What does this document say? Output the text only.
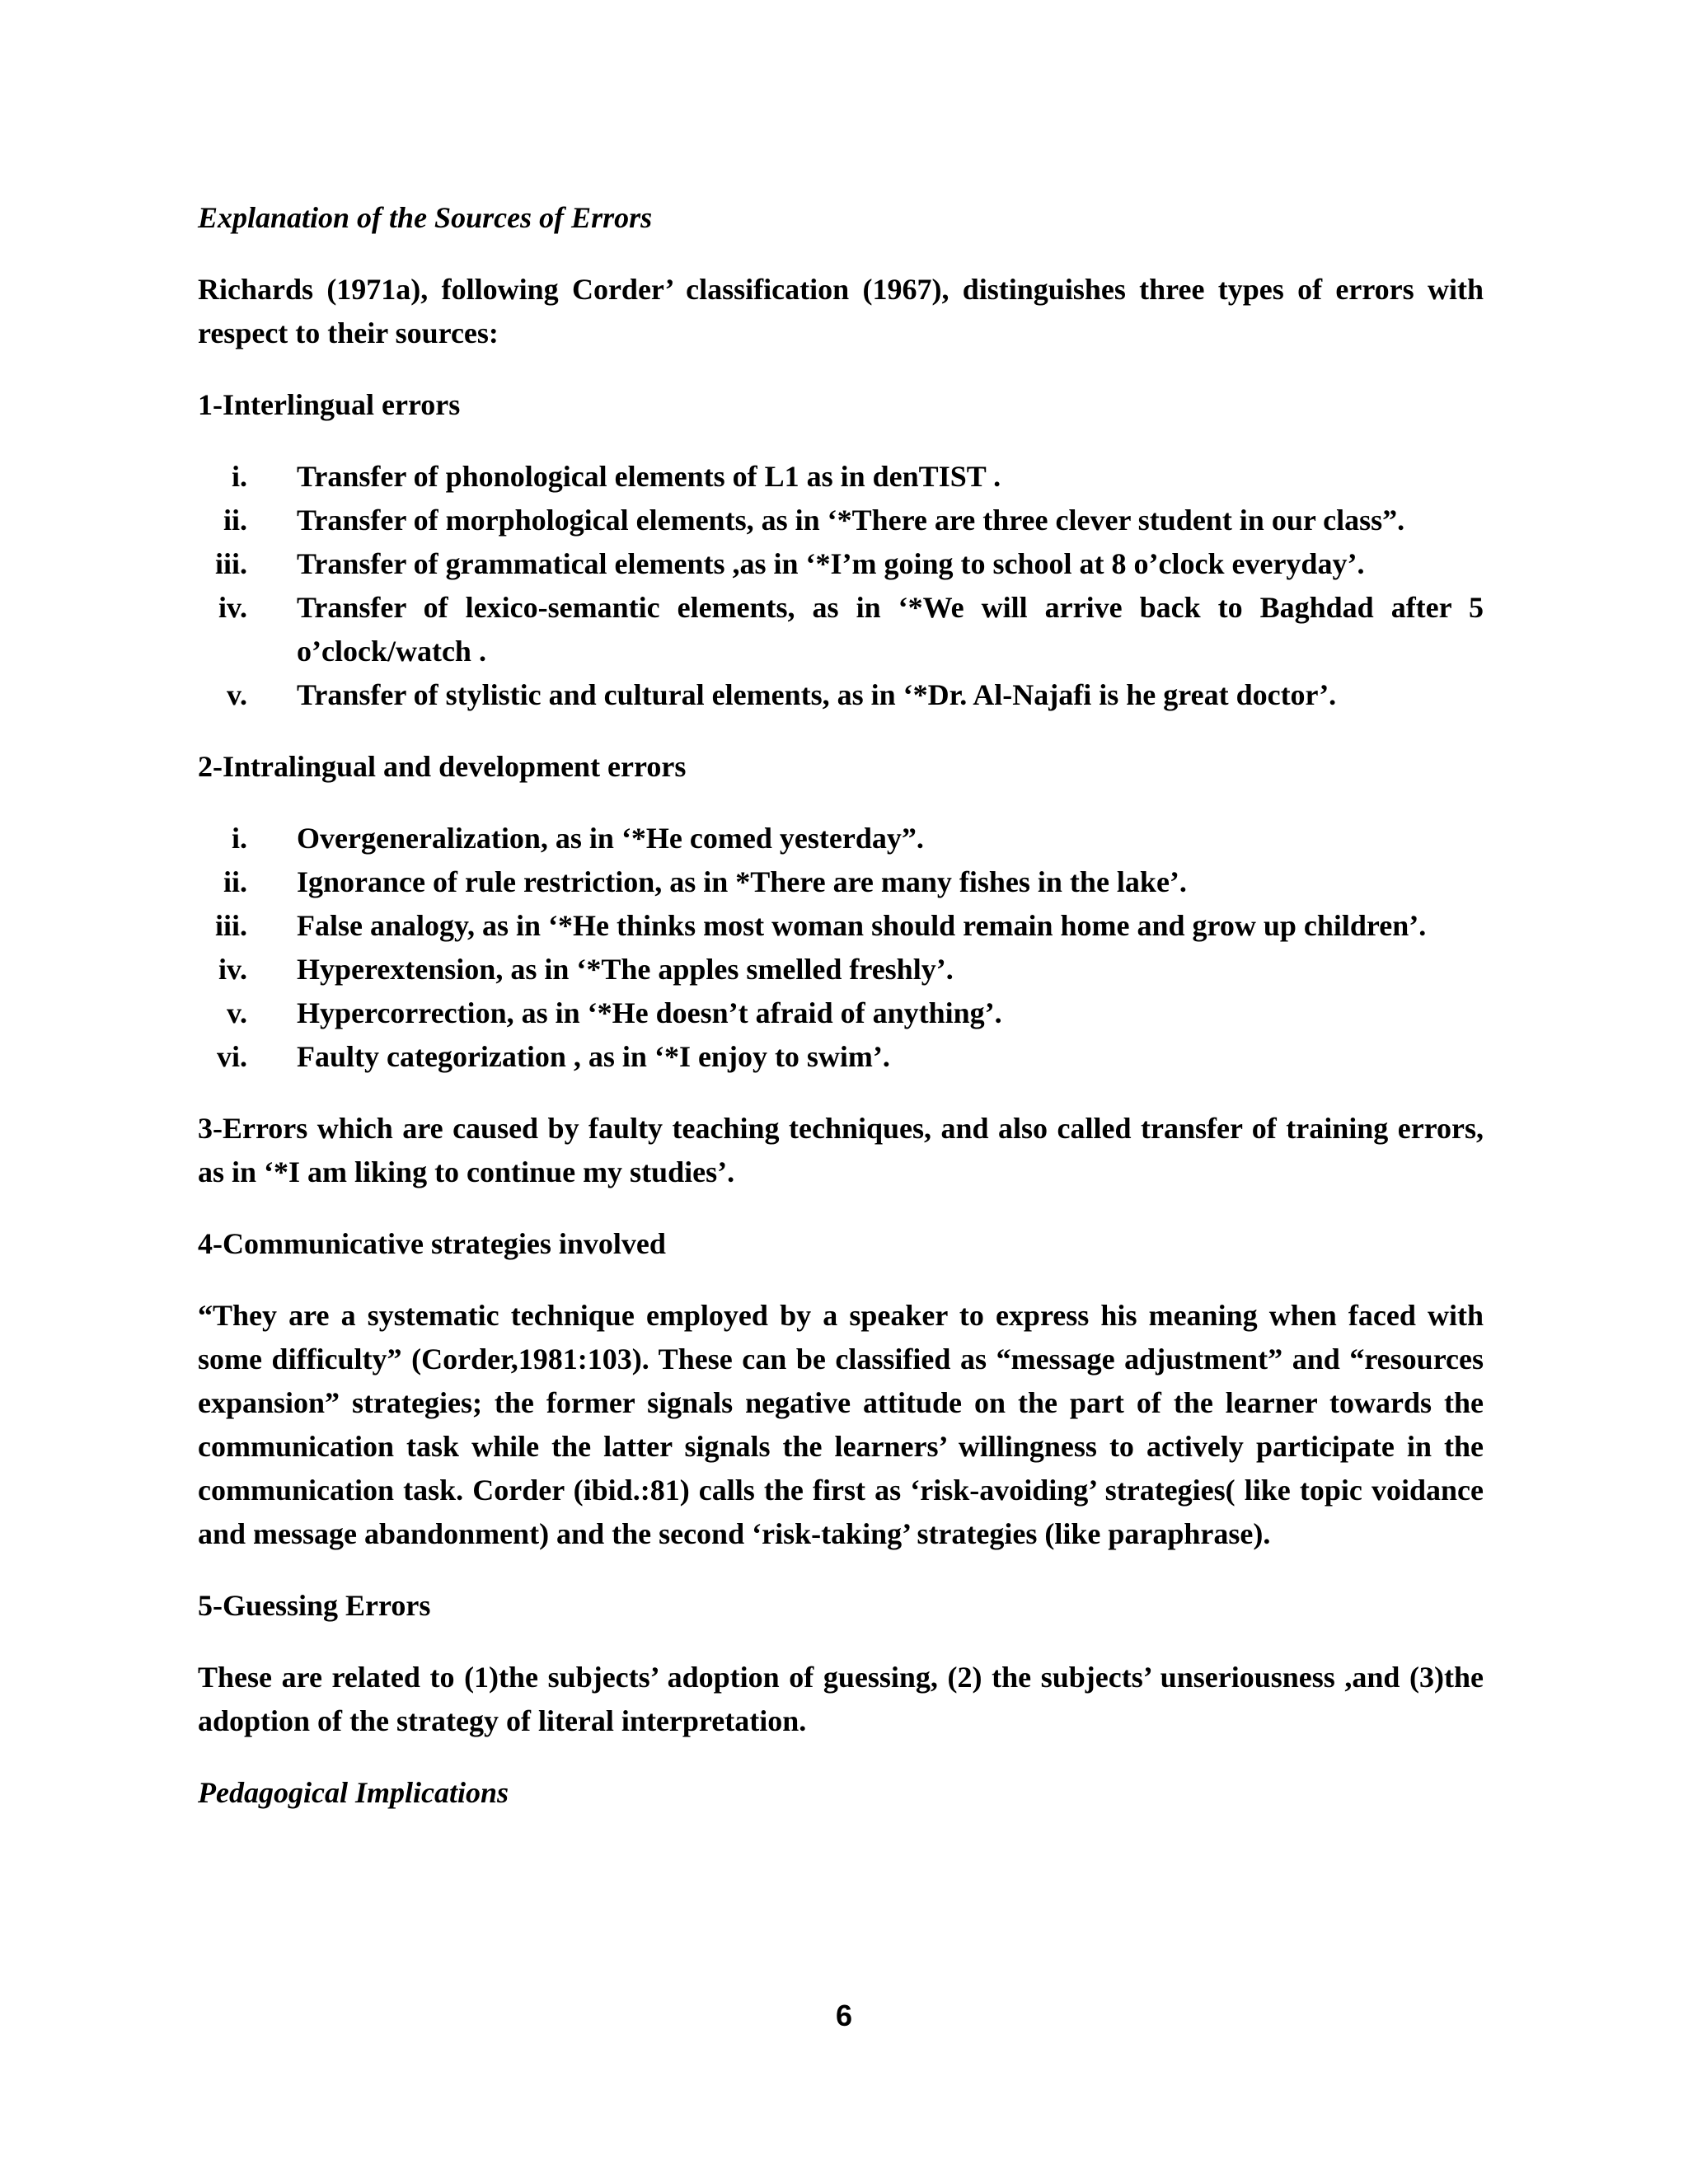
Explanation of the Sources of Errors

Richards (1971a), following Corder’ classification (1967), distinguishes three types of errors with respect to their sources:

1-Interlingual errors

i. Transfer of phonological elements of L1 as in denTIST .
ii. Transfer of morphological elements, as in ‘*There are three clever student in our class”.
iii. Transfer of grammatical elements ,as in ‘*I’m going to school at 8 o’clock everyday’.
iv. Transfer of lexico-semantic elements, as in ‘*We will arrive back to Baghdad after 5 o’clock/watch .
v. Transfer of stylistic and cultural elements, as in ‘*Dr. Al-Najafi is he great doctor’.

2-Intralingual and development errors

i. Overgeneralization, as in ‘*He comed yesterday”.
ii. Ignorance of rule restriction, as in *There are many fishes in the lake’.
iii. False analogy, as in ‘*He thinks most woman should remain home and grow up children’.
iv. Hyperextension, as in ‘*The apples smelled freshly’.
v. Hypercorrection, as in ‘*He doesn’t afraid of anything’.
vi. Faulty categorization , as in ‘*I enjoy to swim’.

3-Errors which are caused by faulty teaching techniques, and also called transfer of training errors, as in ‘*I am liking to continue my studies’.

4-Communicative strategies involved

“They are a systematic technique employed by a speaker to express his meaning when faced with some difficulty” (Corder,1981:103). These can be classified as “message adjustment” and “resources expansion” strategies; the former signals negative attitude on the part of the learner towards the communication task while the latter signals the learners’ willingness to actively participate in the communication task. Corder (ibid.:81) calls the first as ‘risk-avoiding’ strategies( like topic voidance and message abandonment) and the second ‘risk-taking’ strategies (like paraphrase).

5-Guessing Errors

These are related to (1)the subjects’ adoption of guessing, (2) the subjects’ unseriousness ,and (3)the adoption of the strategy of literal interpretation.

Pedagogical Implications

6
